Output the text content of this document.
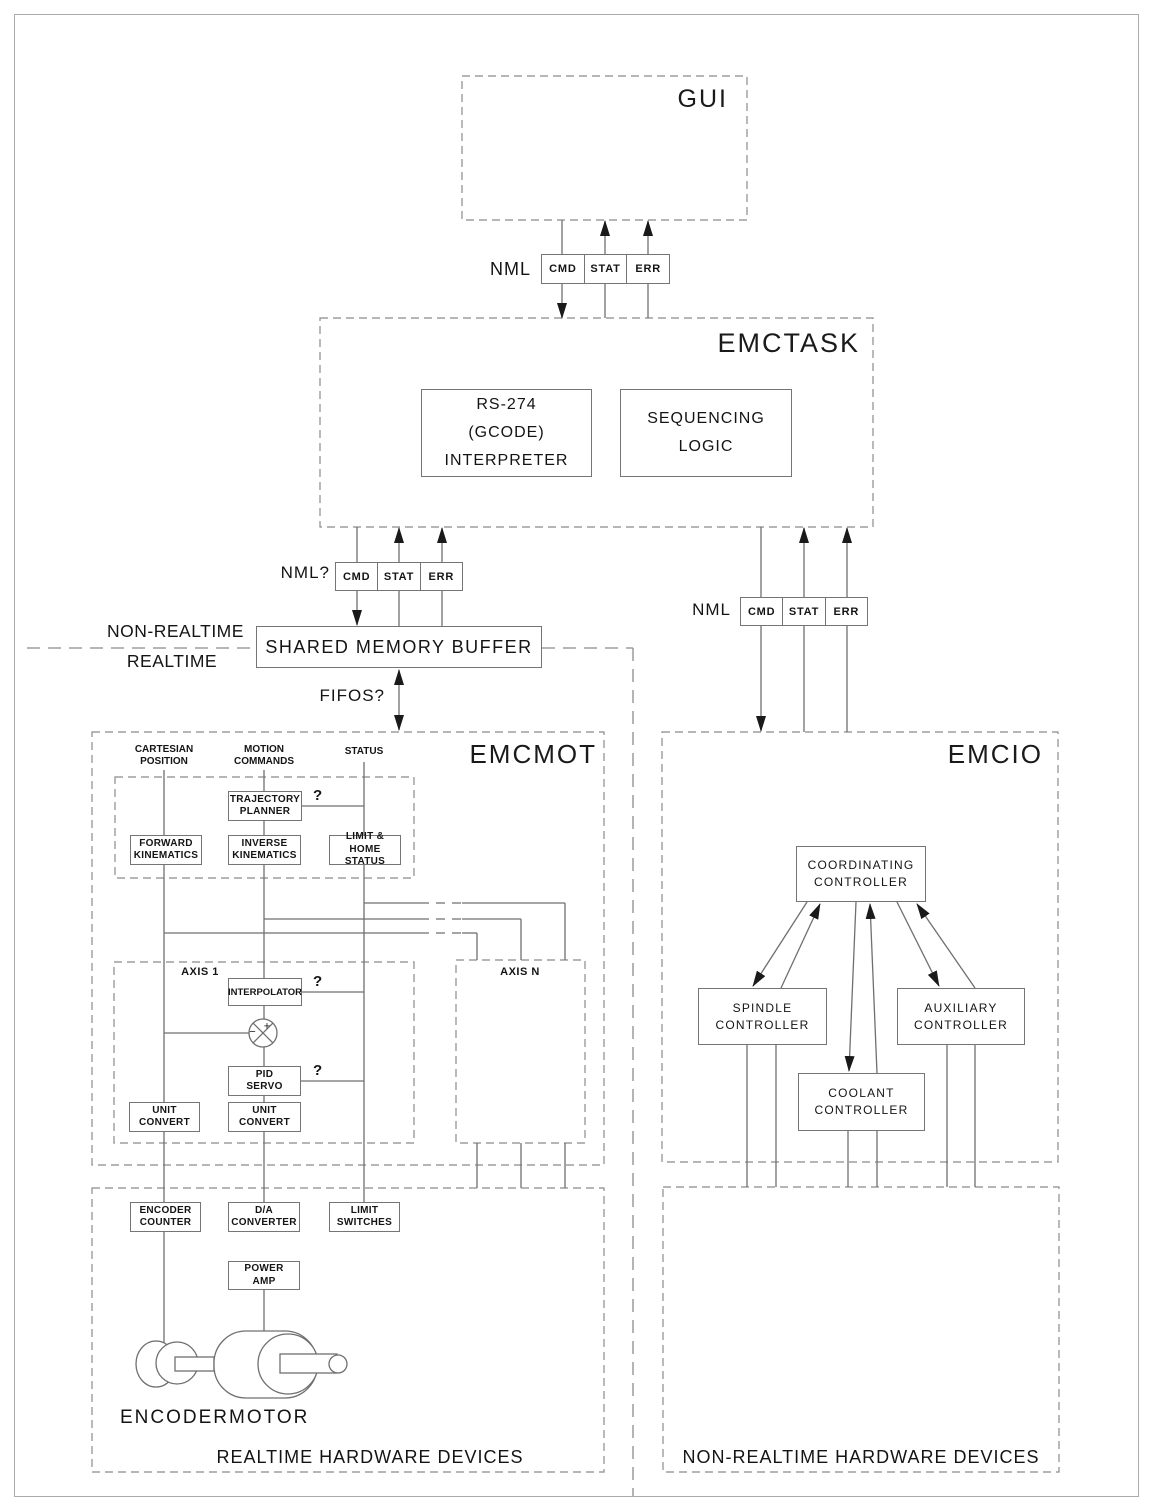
+
−
GUI
EMCTASK
EMCMOT	EMCIO
NML	CMD	STAT	ERR
RS-274
(GCODE)
INTERPRETER
SEQUENCING
LOGIC
NML?	CMD	STAT	ERR
NML	CMD	STAT	ERR
NON-REALTIME
REALTIME
SHARED MEMORY BUFFER
FIFOS?
CARTESIAN
POSITION
MOTION
COMMANDS
STATUS
TRAJECTORY
PLANNER
FORWARD
KINEMATICS
INVERSE
KINEMATICS
LIMIT & HOME
STATUS
?
?
?
AXIS 1	AXIS N
INTERPOLATOR
PID
SERVO
UNIT
CONVERT
UNIT
CONVERT
COORDINATING
CONTROLLER
SPINDLE
CONTROLLER
AUXILIARY
CONTROLLER
COOLANT
CONTROLLER
ENCODER
COUNTER
D/A
CONVERTER
LIMIT
SWITCHES
POWER
AMP
ENCODER MOTOR
REALTIME HARDWARE DEVICES	NON-REALTIME HARDWARE DEVICES
